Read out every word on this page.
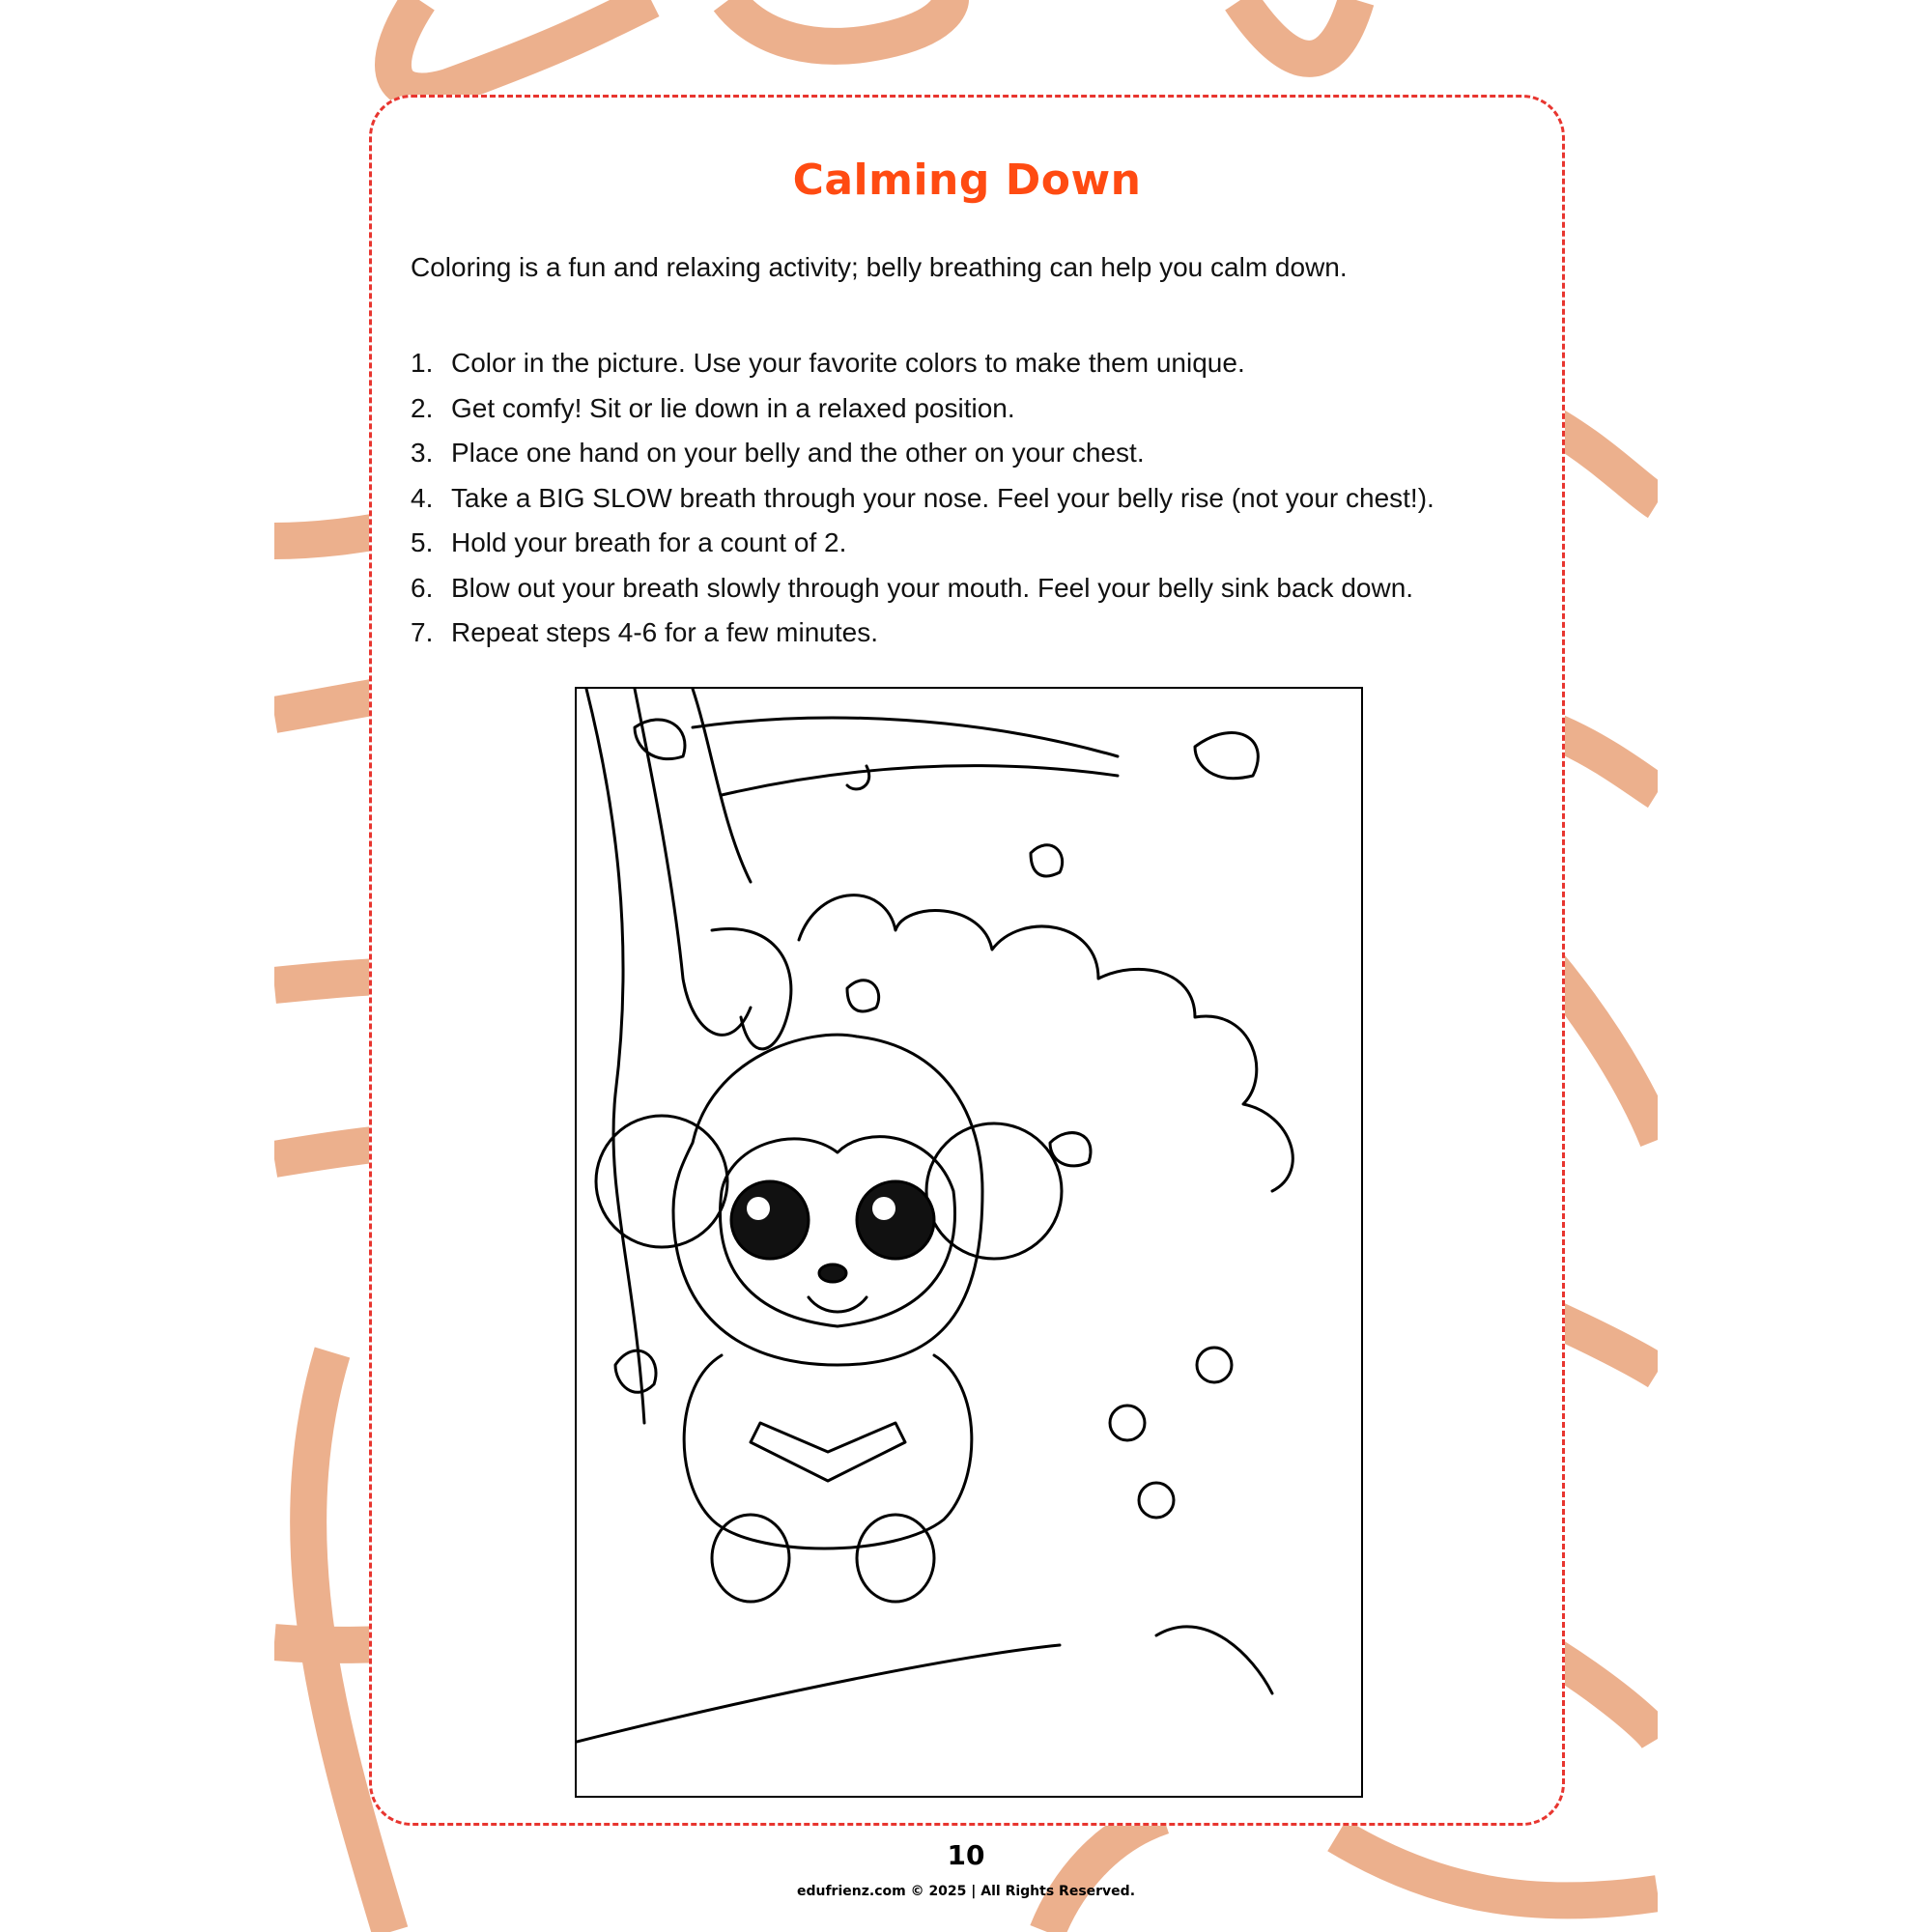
Calming Down
Coloring is a fun and relaxing activity; belly breathing can help you calm down.
1. Color in the picture. Use your favorite colors to make them unique.
2. Get comfy! Sit or lie down in a relaxed position.
3. Place one hand on your belly and the other on your chest.
4. Take a BIG SLOW breath through your nose. Feel your belly rise (not your chest!).
5. Hold your breath for a count of 2.
6. Blow out your breath slowly through your mouth. Feel your belly sink back down.
7. Repeat steps 4-6 for a few minutes.
10
edufrienz.com © 2025 | All Rights Reserved.
